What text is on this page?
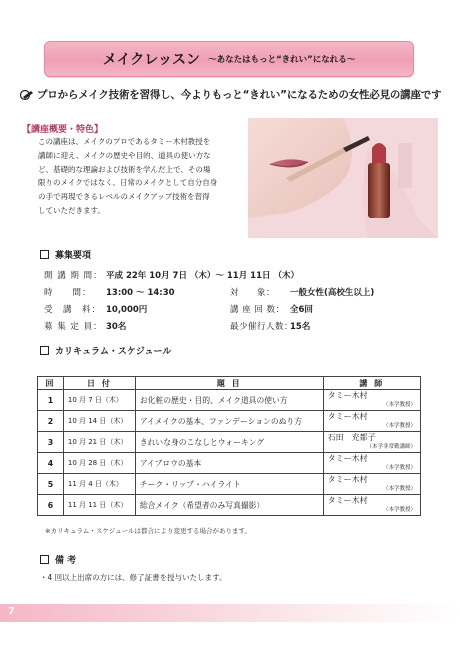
メイクレッスン ～あなたはもっと“きれい”になれる～
プロからメイク技術を習得し、今よりもっと“きれい”になるための女性必見の講座です
【講座概要・特色】
この講座は、メイクのプロであるタミー木村教授を
講師に迎え、メイクの歴史や目的、道具の使い方な
ど、基礎的な理論および技術を学んだ上で、その場
限りのメイクではなく、日常のメイクとして自分自身
の手で再現できるレベルのメイクアップ技術を習得
していただきます。
募集要項
開 講 期 間： 平成 22年 10月 7日 （木）～ 11月 11日 （木）
時　　間：	13:00 ～ 14:30	対　　象：	一般女性(高校生以上)
受　講　料： 10,000円	講 座 回 数： 全6回
募 集 定 員： 30名	最少催行人数：
15名
カリキュラム・スケジュール
回	日 付	題 目	講 師
1	10 月 7 日（木）	お化粧の歴史・目的、メイク道具の使い方	タミー木村
（本学教授）

2	10 月 14 日（木）	アイメイクの基本、ファンデーションのぬり方	タミー木村
（本学教授）

3	10 月 21 日（木）	きれいな身のこなしとウォーキング	石田　充都子
（本学非常勤講師）

4	10 月 28 日（木）	アイブロウの基本	タミー木村
（本学教授）

5	11 月 4 日（木）	チーク・リップ・ハイライト	タミー木村
（本学教授）

6	11 月 11 日（木）	総合メイク（希望者のみ写真撮影）	タミー木村
（本学教授）
※カリキュラム・スケジュールは都合により変更する場合があります。
備 考
・4 回以上出席の方には、修了証書を授与いたします。
7
